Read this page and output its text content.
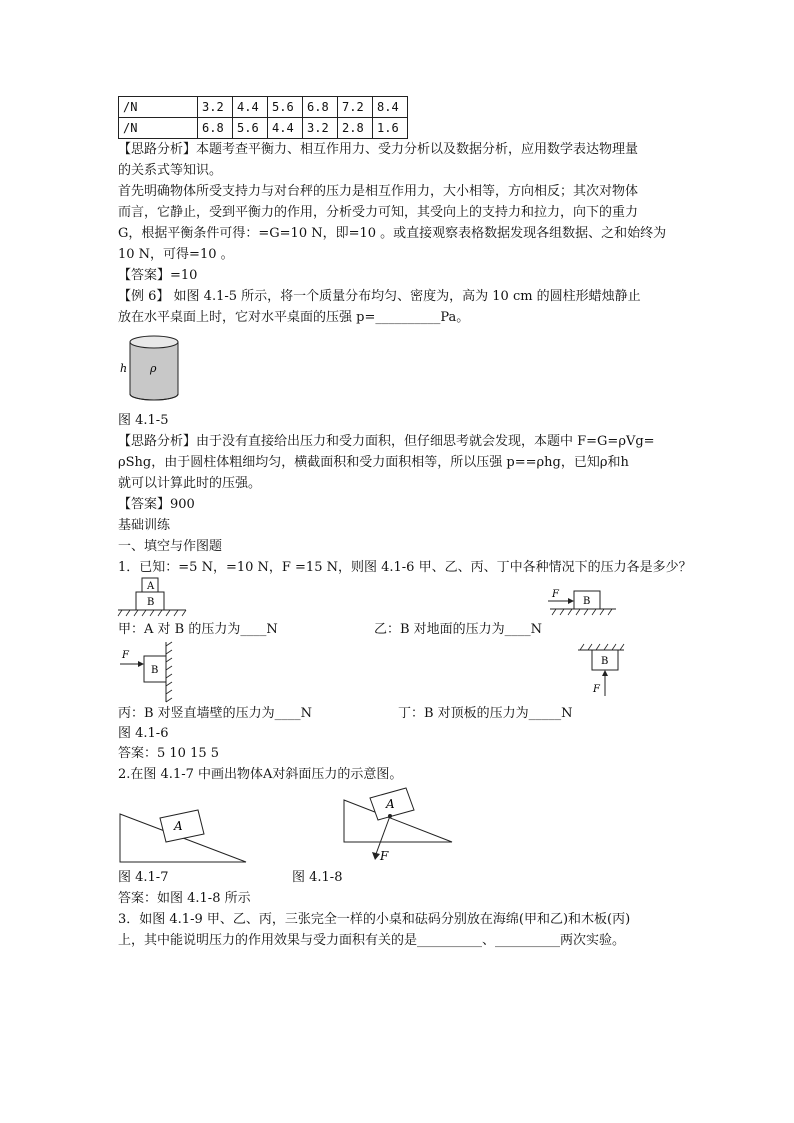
/N	3.2	4.4	5.6	6.8	7.2	8.4
/N	6.8	5.6	4.4	3.2	2.8	1.6
【思路分析】本题考查平衡力、相互作用力、受力分析以及数据分析，应用数学表达物理量
的关系式等知识。
首先明确物体所受支持力与对台秤的压力是相互作用力，大小相等，方向相反；其次对物体
而言，它静止，受到平衡力的作用，分析受力可知，其受向上的支持力和拉力，向下的重力
G，根据平衡条件可得：=G=10 N，即=10 。或直接观察表格数据发现各组数据、之和始终为
10 N，可得=10 。
【答案】=10
【例 6】 如图 4.1-5 所示，将一个质量分布均匀、密度为，高为 10 cm 的圆柱形蜡烛静止
放在水平桌面上时，它对水平桌面的压强 p=__________Pa。
h ρ
图 4.1-5
【思路分析】由于没有直接给出压力和受力面积，但仔细思考就会发现，本题中 F=G=ρVg=
ρShg，由于圆柱体粗细均匀，横截面积和受力面积相等，所以压强 p==ρhg，已知ρ和h
就可以计算此时的压强。
【答案】900
基础训练
一、填空与作图题
1．已知：=5 N，=10 N，F =15 N，则图 4.1-6 甲、乙、丙、丁中各种情况下的压力各是多少？
A
B
F
B
甲：A 对 B 的压力为____N	乙：B 对地面的压力为____N
F
B
B
F
丙：B 对竖直墙壁的压力为____N	丁：B 对顶板的压力为_____N
图 4.1-6
答案：5 10 15 5
2.在图 4.1-7 中画出物体A对斜面压力的示意图。
A
A
F
图 4.1-7	图 4.1-8
答案：如图 4.1-8 所示
3．如图 4.1-9 甲、乙、丙，三张完全一样的小桌和砝码分别放在海绵(甲和乙)和木板(丙)
上，其中能说明压力的作用效果与受力面积有关的是__________、__________两次实验。
